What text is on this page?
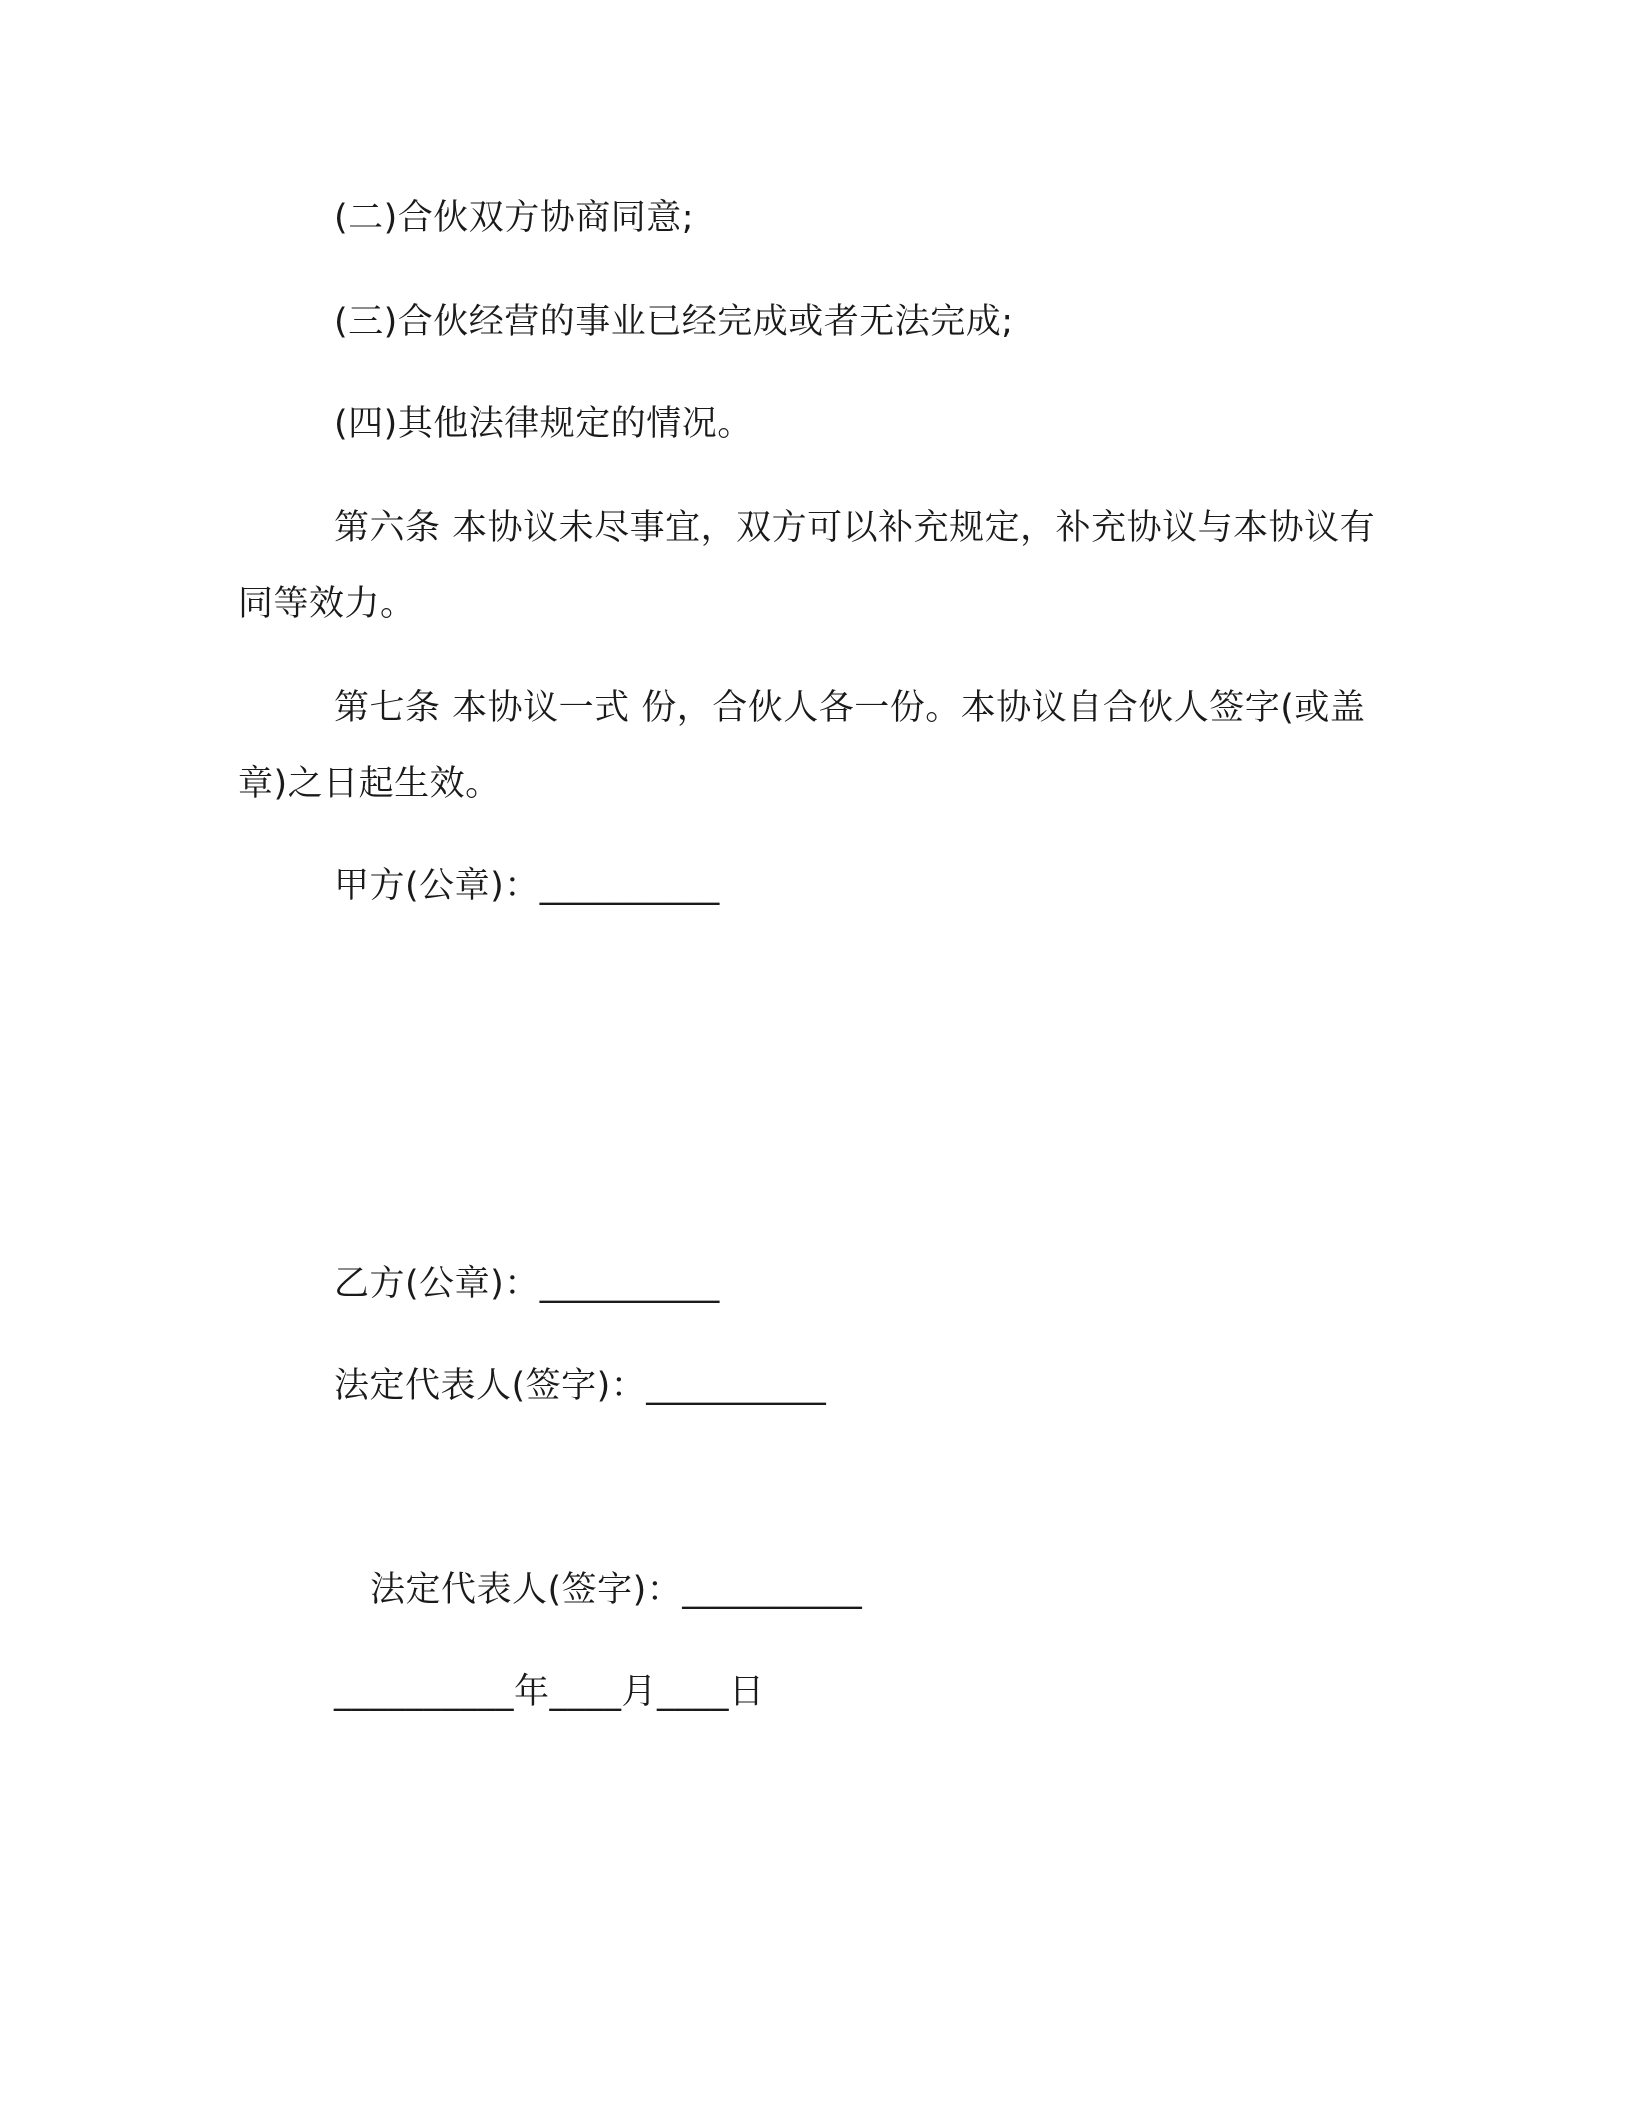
(二)合伙双方协商同意;
(三)合伙经营的事业已经完成或者无法完成;
(四)其他法律规定的情况。
第六条 本协议未尽事宜，双方可以补充规定，补充协议与本协议有同等效力。
第七条 本协议一式 份，合伙人各一份。本协议自合伙人签字(或盖章)之日起生效。
甲方(公章)：__________
乙方(公章)：__________
法定代表人(签字)：__________
法定代表人(签字)：__________
__________年____月____日
